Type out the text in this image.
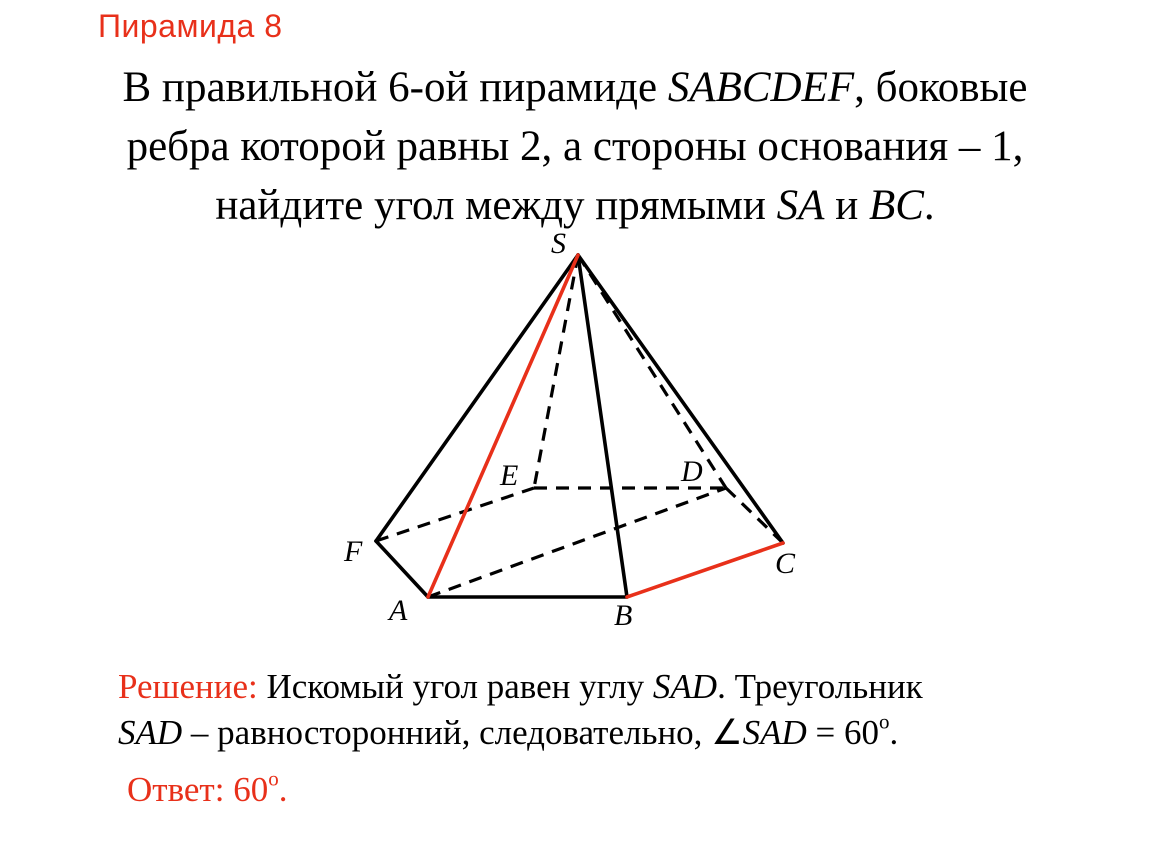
Пирамида 8
В правильной 6-ой пирамиде SABCDEF, боковые
ребра которой равны 2, а стороны основания – 1,
найдите угол между прямыми SA и BC.
S
A	B
C
D
E
F
Решение: Искомый угол равен углу SAD. Треугольник
SAD – равносторонний, следовательно, ∠SAD = $60^o$.
Ответ: 60$^o$.
